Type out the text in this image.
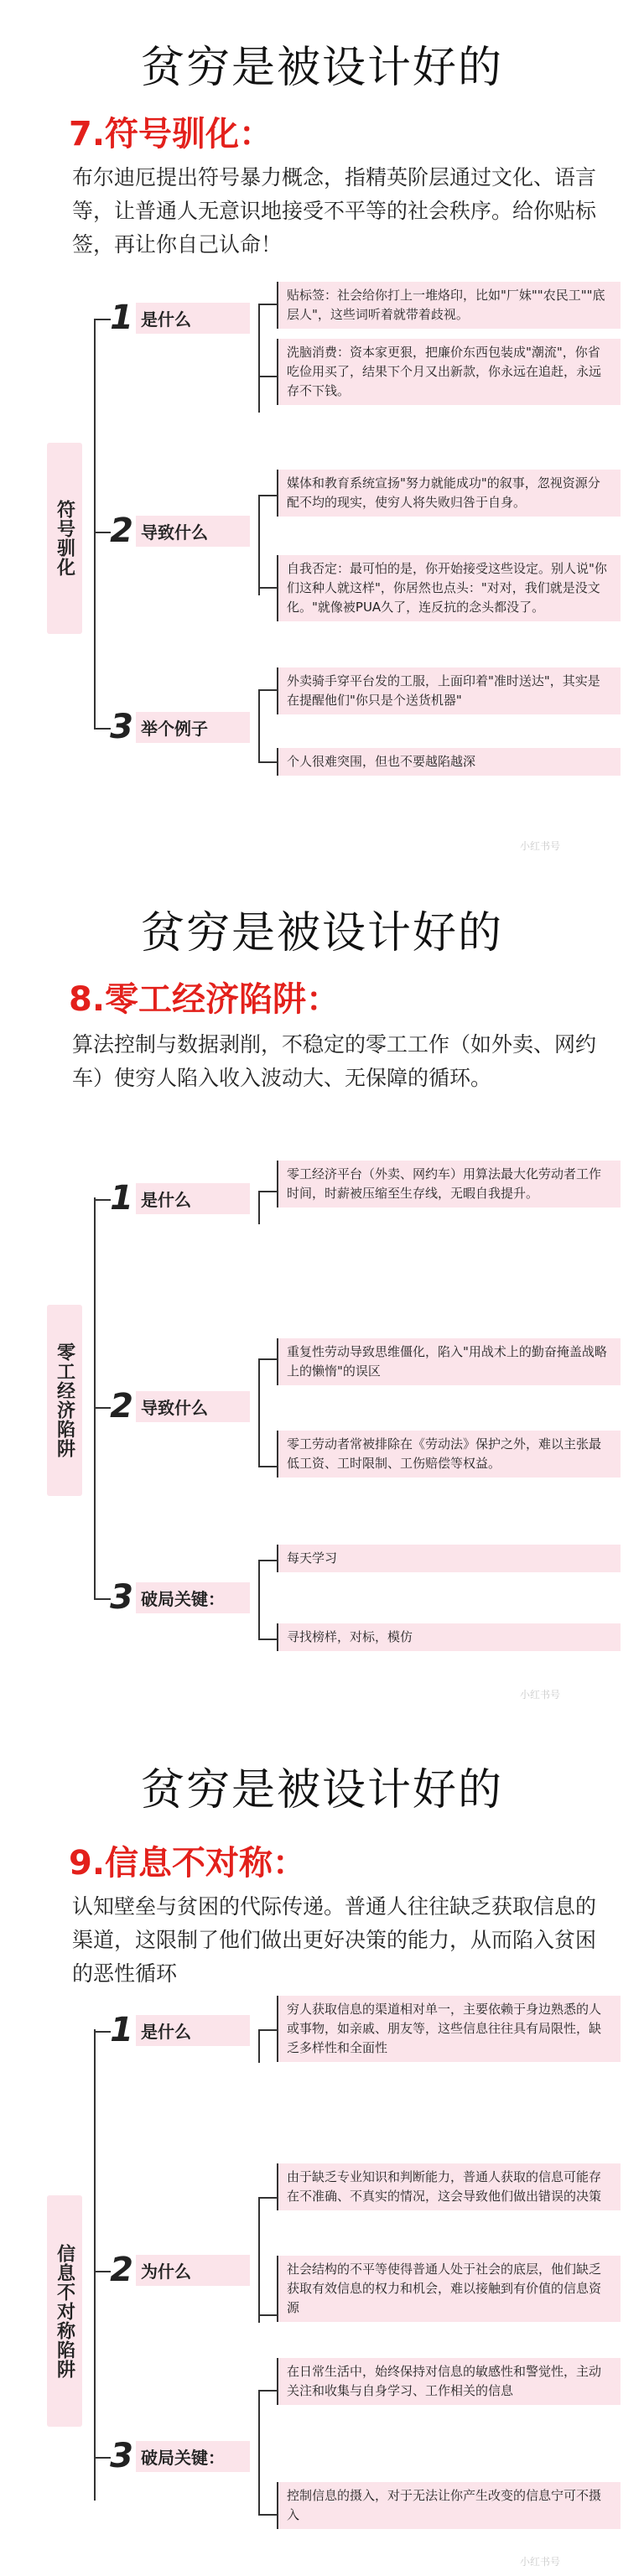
贫穷是被设计好的
7.符号驯化：
布尔迪厄提出符号暴力概念，指精英阶层通过文化、语言等，让普通人无意识地接受不平等的社会秩序。给你贴标签，再让你自己认命！
符号驯化
1 是什么
贴标签：社会给你打上一堆烙印，比如"厂妹""农民工""底层人"，这些词听着就带着歧视。
洗脑消费：资本家更狠，把廉价东西包装成"潮流"，你省吃俭用买了，结果下个月又出新款，你永远在追赶，永远存不下钱。
2 导致什么
媒体和教育系统宣扬"努力就能成功"的叙事，忽视资源分配不均的现实，使穷人将失败归咎于自身。
自我否定：最可怕的是，你开始接受这些设定。别人说"你们这种人就这样"，你居然也点头："对对，我们就是没文化。"就像被PUA久了，连反抗的念头都没了。
3 举个例子
外卖骑手穿平台发的工服，上面印着"准时送达"，其实是在提醒他们"你只是个送货机器"
个人很难突围，但也不要越陷越深
小红书号
贫穷是被设计好的
8.零工经济陷阱：
算法控制与数据剥削，不稳定的零工工作（如外卖、网约车）使穷人陷入收入波动大、无保障的循环。
零工经济陷阱
1 是什么
零工经济平台（外卖、网约车）用算法最大化劳动者工作时间，时薪被压缩至生存线，无暇自我提升。
2 导致什么
重复性劳动导致思维僵化，陷入"用战术上的勤奋掩盖战略上的懒惰"的误区
零工劳动者常被排除在《劳动法》保护之外，难以主张最低工资、工时限制、工伤赔偿等权益。
3 破局关键：
每天学习
寻找榜样，对标，模仿
小红书号
贫穷是被设计好的
9.信息不对称：
认知壁垒与贫困的代际传递。普通人往往缺乏获取信息的渠道，这限制了他们做出更好决策的能力，从而陷入贫困的恶性循环
信息不对称陷阱
1 是什么
穷人获取信息的渠道相对单一，主要依赖于身边熟悉的人或事物，如亲戚、朋友等，这些信息往往具有局限性，缺乏多样性和全面性
2 为什么
由于缺乏专业知识和判断能力，普通人获取的信息可能存在不准确、不真实的情况，这会导致他们做出错误的决策
社会结构的不平等使得普通人处于社会的底层，他们缺乏获取有效信息的权力和机会，难以接触到有价值的信息资源
3 破局关键：
在日常生活中，始终保持对信息的敏感性和警觉性，主动关注和收集与自身学习、工作相关的信息
控制信息的摄入，对于无法让你产生改变的信息宁可不摄入
小红书号
